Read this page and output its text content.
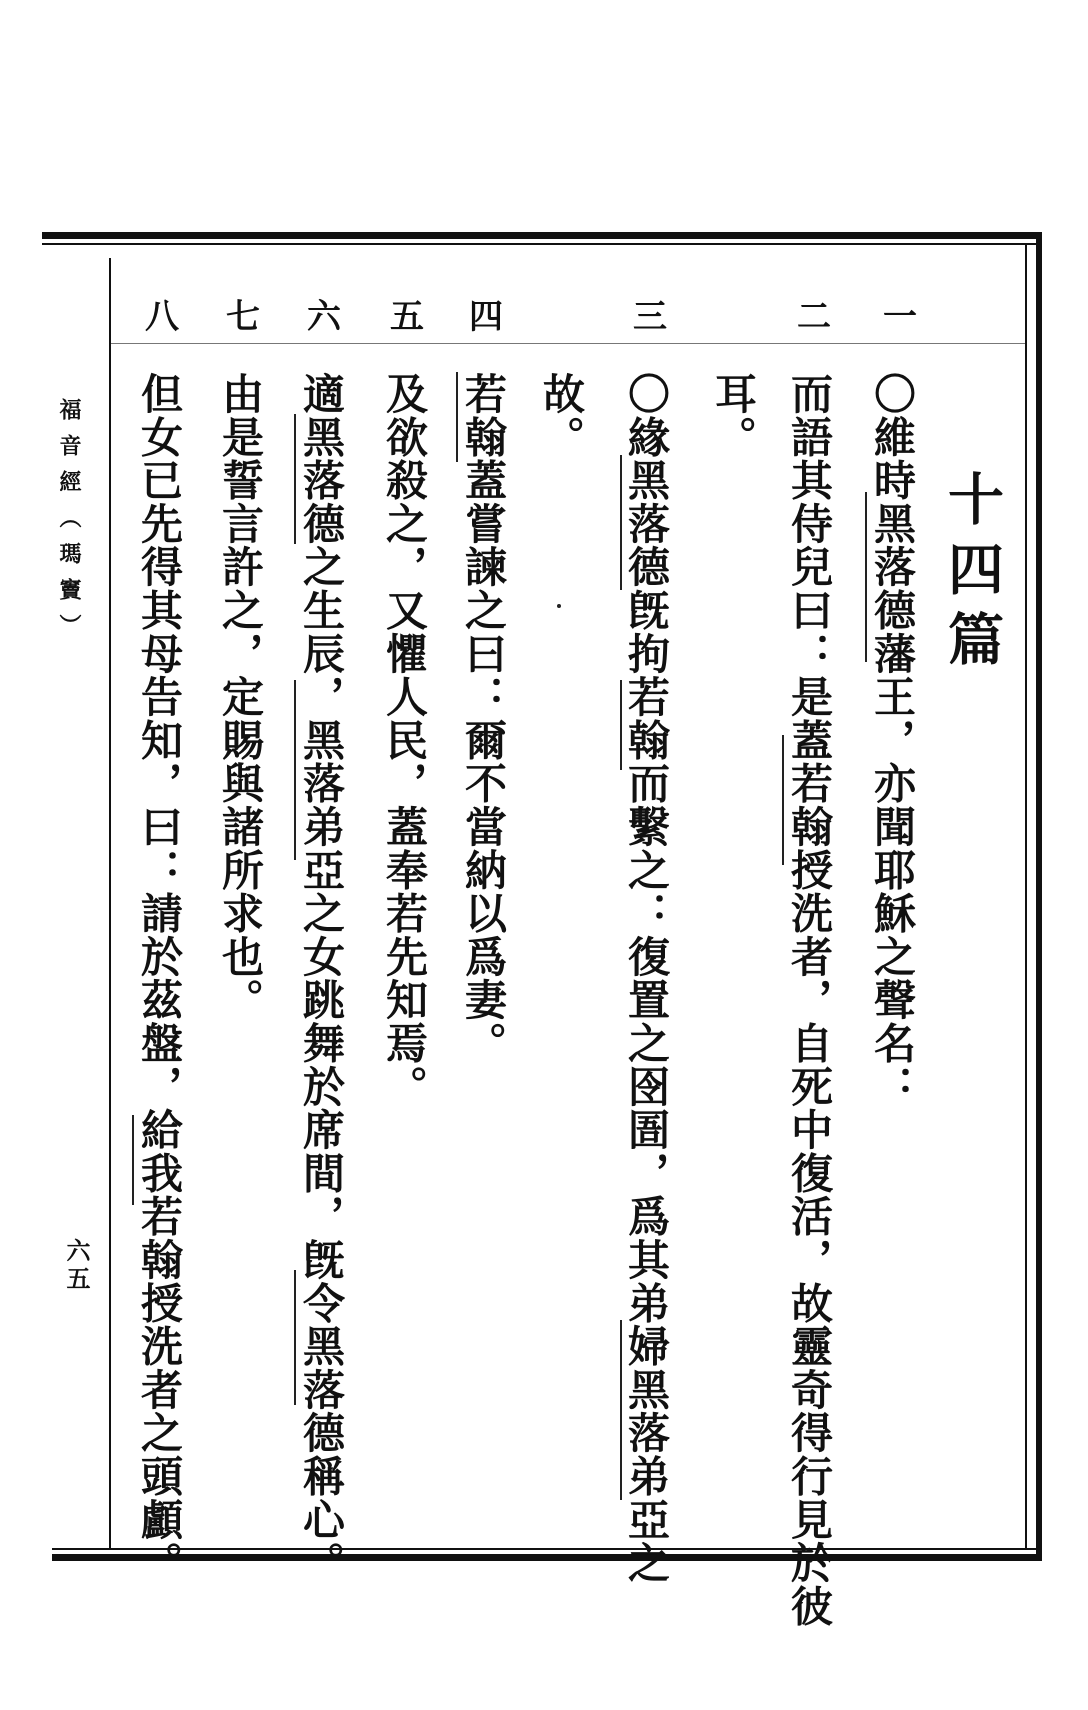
福音經（瑪竇）
六五
十四篇
一
二
三
四
五
六
七
八
〇維時黑落德藩王，亦聞耶穌之聲名：
而語其侍兒曰：是蓋若翰授洗者，自死中復活，故靈奇得行見於彼
耳。
〇緣黑落德旣拘若翰而繫之：復置之囹圄，爲其弟婦黑落弟亞之
故。
若翰蓋嘗諫之曰：爾不當納以爲妻。
及欲殺之，又懼人民，蓋奉若先知焉。
適黑落德之生辰，黑落弟亞之女跳舞於席間，旣令黑落德稱心。
由是誓言許之，定賜與諸所求也。
但女已先得其母告知，曰：請於茲盤，給我若翰授洗者之頭顱。
